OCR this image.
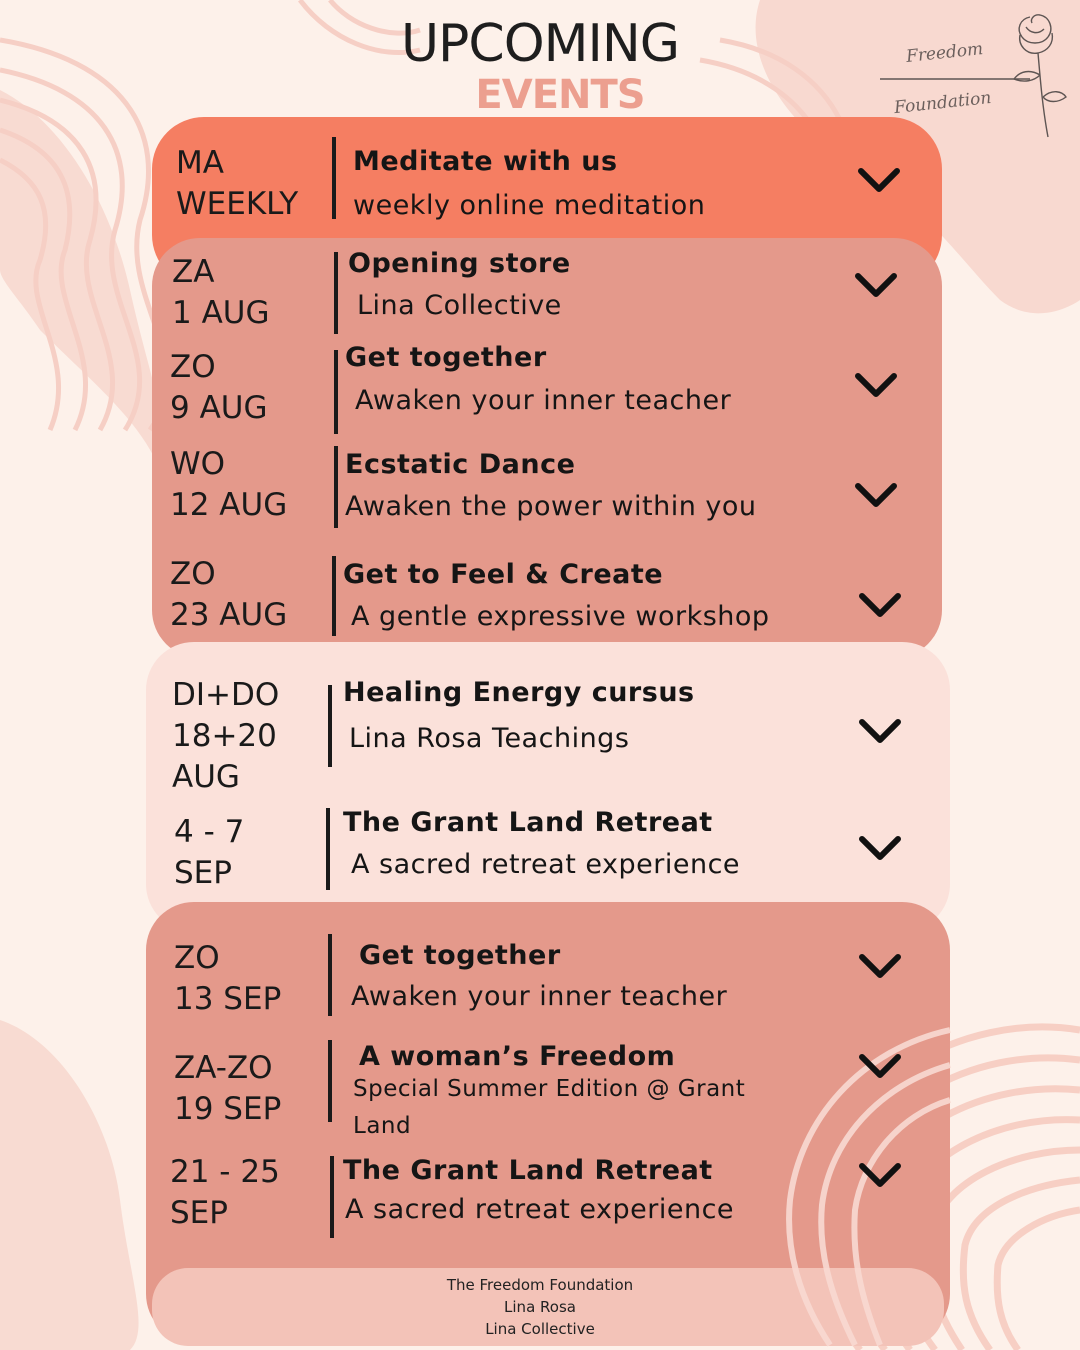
UPCOMING
EVENTS
Freedom
Foundation
MA
WEEKLY
Meditate with us
weekly online meditation
ZA
1 AUG
Opening store
Lina Collective
ZO
9 AUG
Get together
Awaken your inner teacher
WO
12 AUG
Ecstatic Dance
Awaken the power within you
ZO
23 AUG
Get to Feel & Create
A gentle expressive workshop
DI+DO
18+20
AUG
Healing Energy cursus
Lina Rosa Teachings
4 - 7
SEP
The Grant Land Retreat
A sacred retreat experience
ZO
13 SEP
Get together
Awaken your inner teacher
ZA-ZO
19 SEP
A woman’s Freedom
Special Summer Edition @ Grant Land
21 - 25
SEP
The Grant Land Retreat
A sacred retreat experience
The Freedom Foundation
Lina Rosa
Lina Collective
